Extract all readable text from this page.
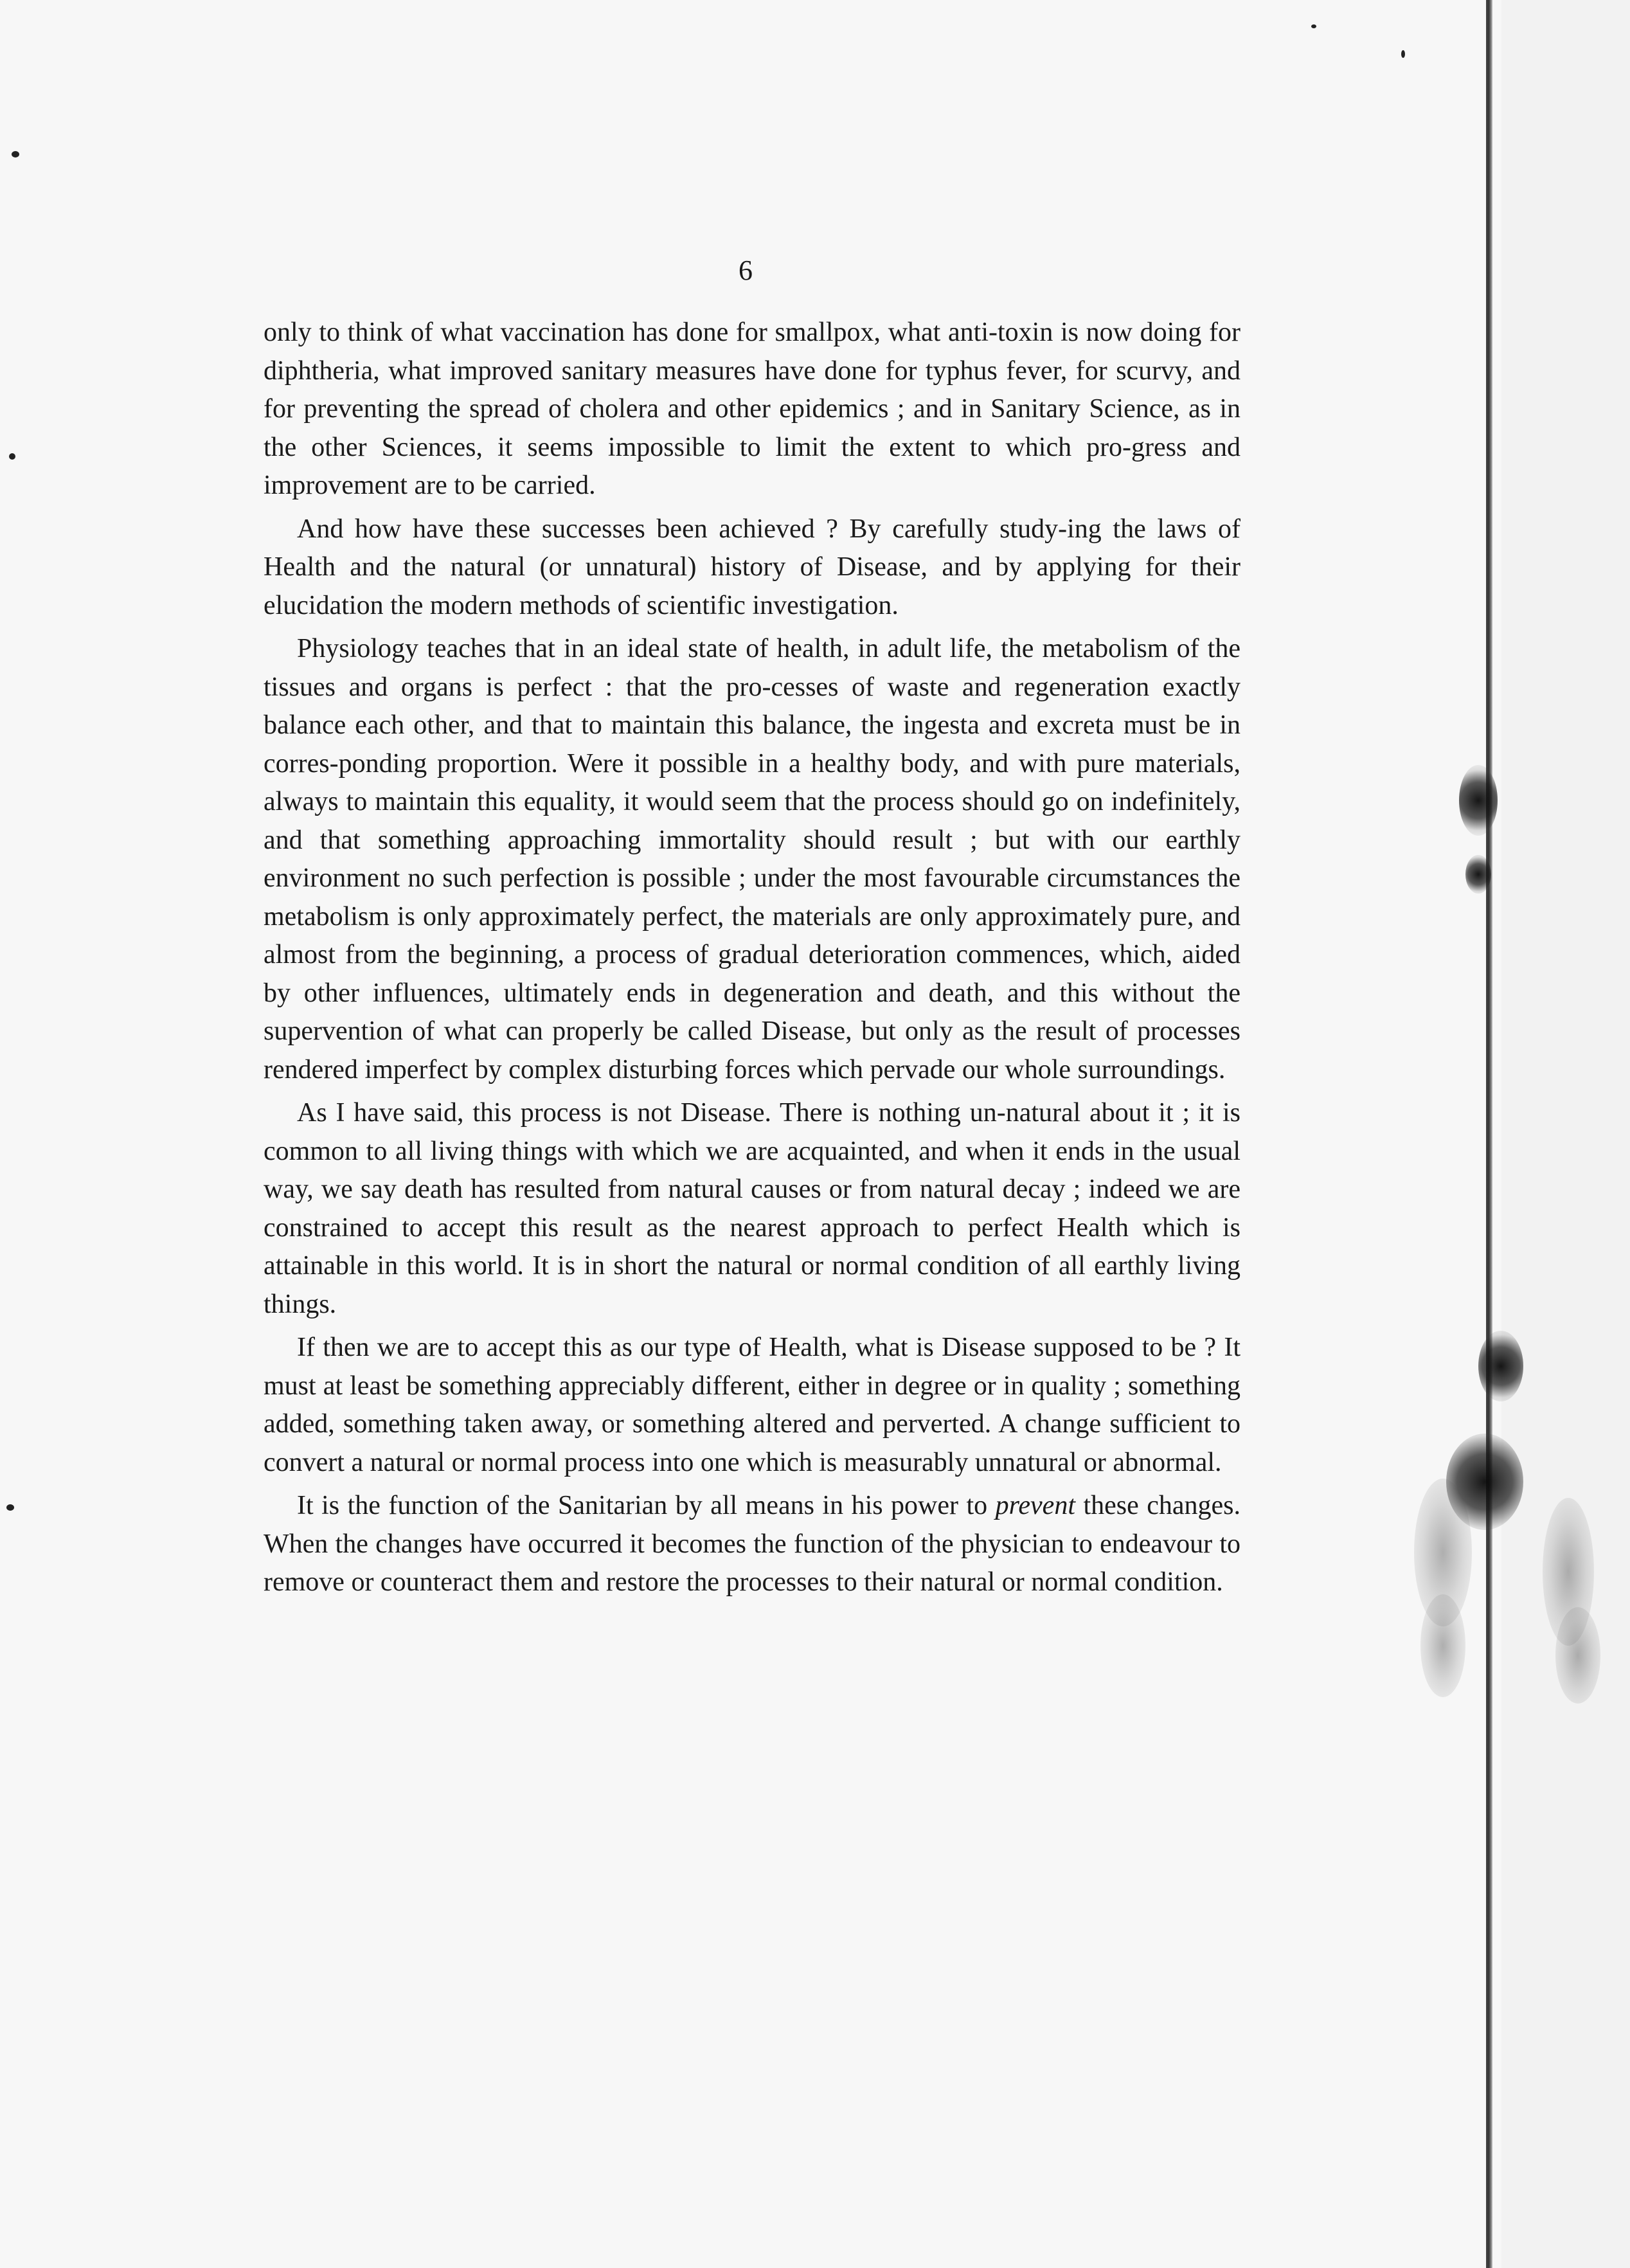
6

only to think of what vaccination has done for smallpox, what anti-toxin is now doing for diphtheria, what improved sanitary measures have done for typhus fever, for scurvy, and for preventing the spread of cholera and other epidemics ; and in Sanitary Science, as in the other Sciences, it seems impossible to limit the extent to which pro-gress and improvement are to be carried.

And how have these successes been achieved ? By carefully study-ing the laws of Health and the natural (or unnatural) history of Disease, and by applying for their elucidation the modern methods of scientific investigation.

Physiology teaches that in an ideal state of health, in adult life, the metabolism of the tissues and organs is perfect : that the pro-cesses of waste and regeneration exactly balance each other, and that to maintain this balance, the ingesta and excreta must be in corres-ponding proportion. Were it possible in a healthy body, and with pure materials, always to maintain this equality, it would seem that the process should go on indefinitely, and that something approaching immortality should result ; but with our earthly environment no such perfection is possible ; under the most favourable circumstances the metabolism is only approximately perfect, the materials are only approximately pure, and almost from the beginning, a process of gradual deterioration commences, which, aided by other influences, ultimately ends in degeneration and death, and this without the supervention of what can properly be called Disease, but only as the result of processes rendered imperfect by complex disturbing forces which pervade our whole surroundings.

As I have said, this process is not Disease. There is nothing un-natural about it ; it is common to all living things with which we are acquainted, and when it ends in the usual way, we say death has resulted from natural causes or from natural decay ; indeed we are constrained to accept this result as the nearest approach to perfect Health which is attainable in this world. It is in short the natural or normal condition of all earthly living things.

If then we are to accept this as our type of Health, what is Disease supposed to be ? It must at least be something appreciably different, either in degree or in quality ; something added, something taken away, or something altered and perverted. A change sufficient to convert a natural or normal process into one which is measurably unnatural or abnormal.

It is the function of the Sanitarian by all means in his power to prevent these changes. When the changes have occurred it becomes the function of the physician to endeavour to remove or counteract them and restore the processes to their natural or normal condition.
